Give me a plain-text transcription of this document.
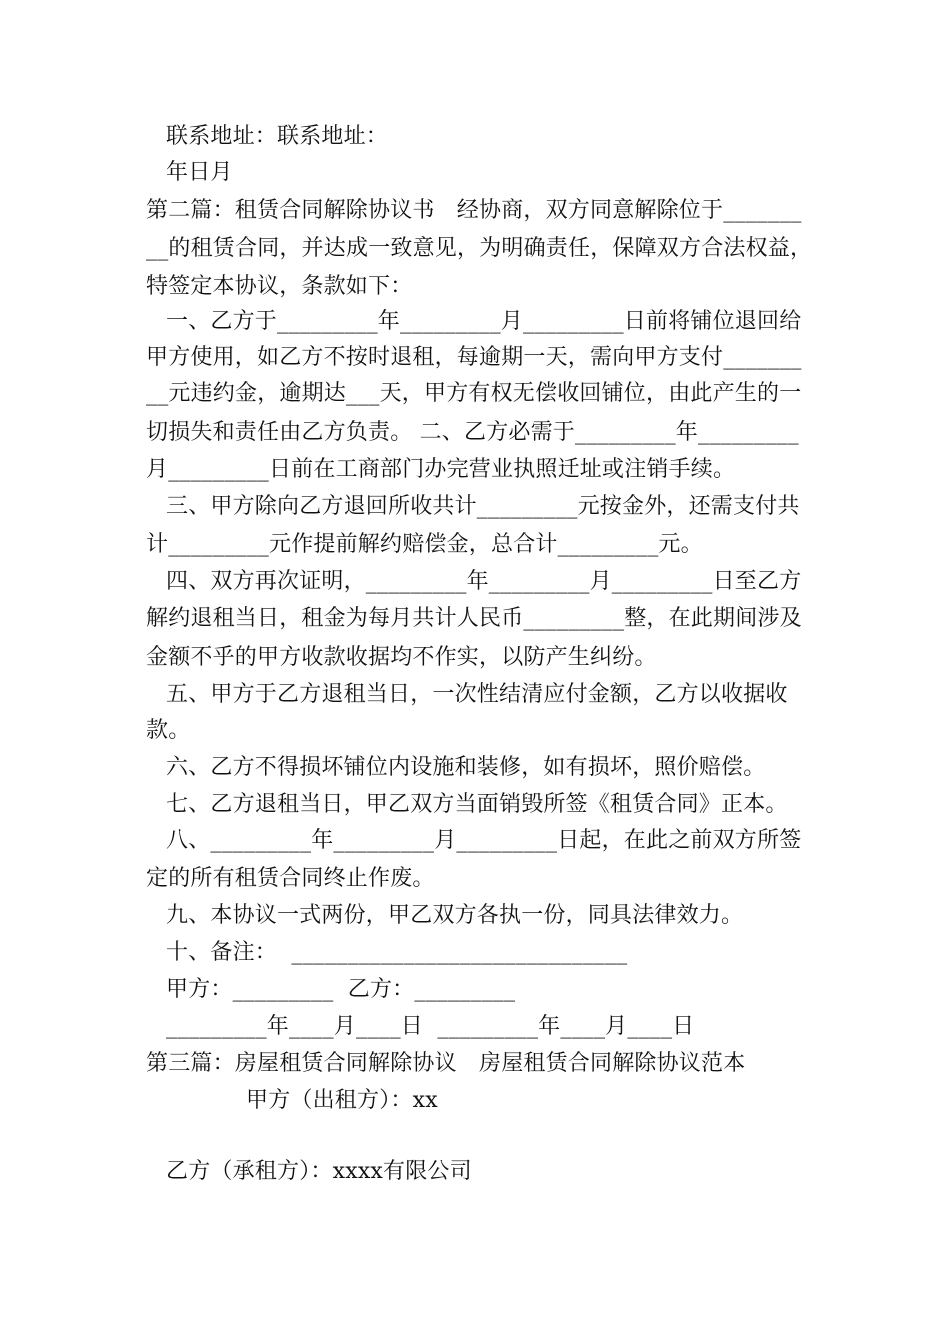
联系地址：联系地址：
年日月
第二篇：租赁合同解除协议书　经协商，双方同意解除位于_______
__的租赁合同，并达成一致意见，为明确责任，保障双方合法权益，
特签定本协议，条款如下：
一、乙方于_________年_________月_________日前将铺位退回给
甲方使用，如乙方不按时退租，每逾期一天，需向甲方支付_______
__元违约金，逾期达___天，甲方有权无偿收回铺位，由此产生的一
切损失和责任由乙方负责。 二、乙方必需于_________年_________
月_________日前在工商部门办完营业执照迁址或注销手续。
三、甲方除向乙方退回所收共计_________元按金外，还需支付共
计_________元作提前解约赔偿金，总合计_________元。
四、双方再次证明，_________年_________月_________日至乙方
解约退租当日，租金为每月共计人民币_________整，在此期间涉及
金额不乎的甲方收款收据均不作实，以防产生纠纷。
五、甲方于乙方退租当日，一次性结清应付金额，乙方以收据收
款。
六、乙方不得损坏铺位内设施和装修，如有损坏，照价赔偿。
七、乙方退租当日，甲乙双方当面销毁所签《租赁合同》正本。
八、_________年_________月_________日起，在此之前双方所签
定的所有租赁合同终止作废。
九、本协议一式两份，甲乙双方各执一份，同具法律效力。
十、备注：  ______________________________
甲方：_________  乙方：_________
_________年____月____日  _________年____月____日
第三篇：房屋租赁合同解除协议　房屋租赁合同解除协议范本
甲方（出租方）：xx
乙方（承租方）：xxxx有限公司
